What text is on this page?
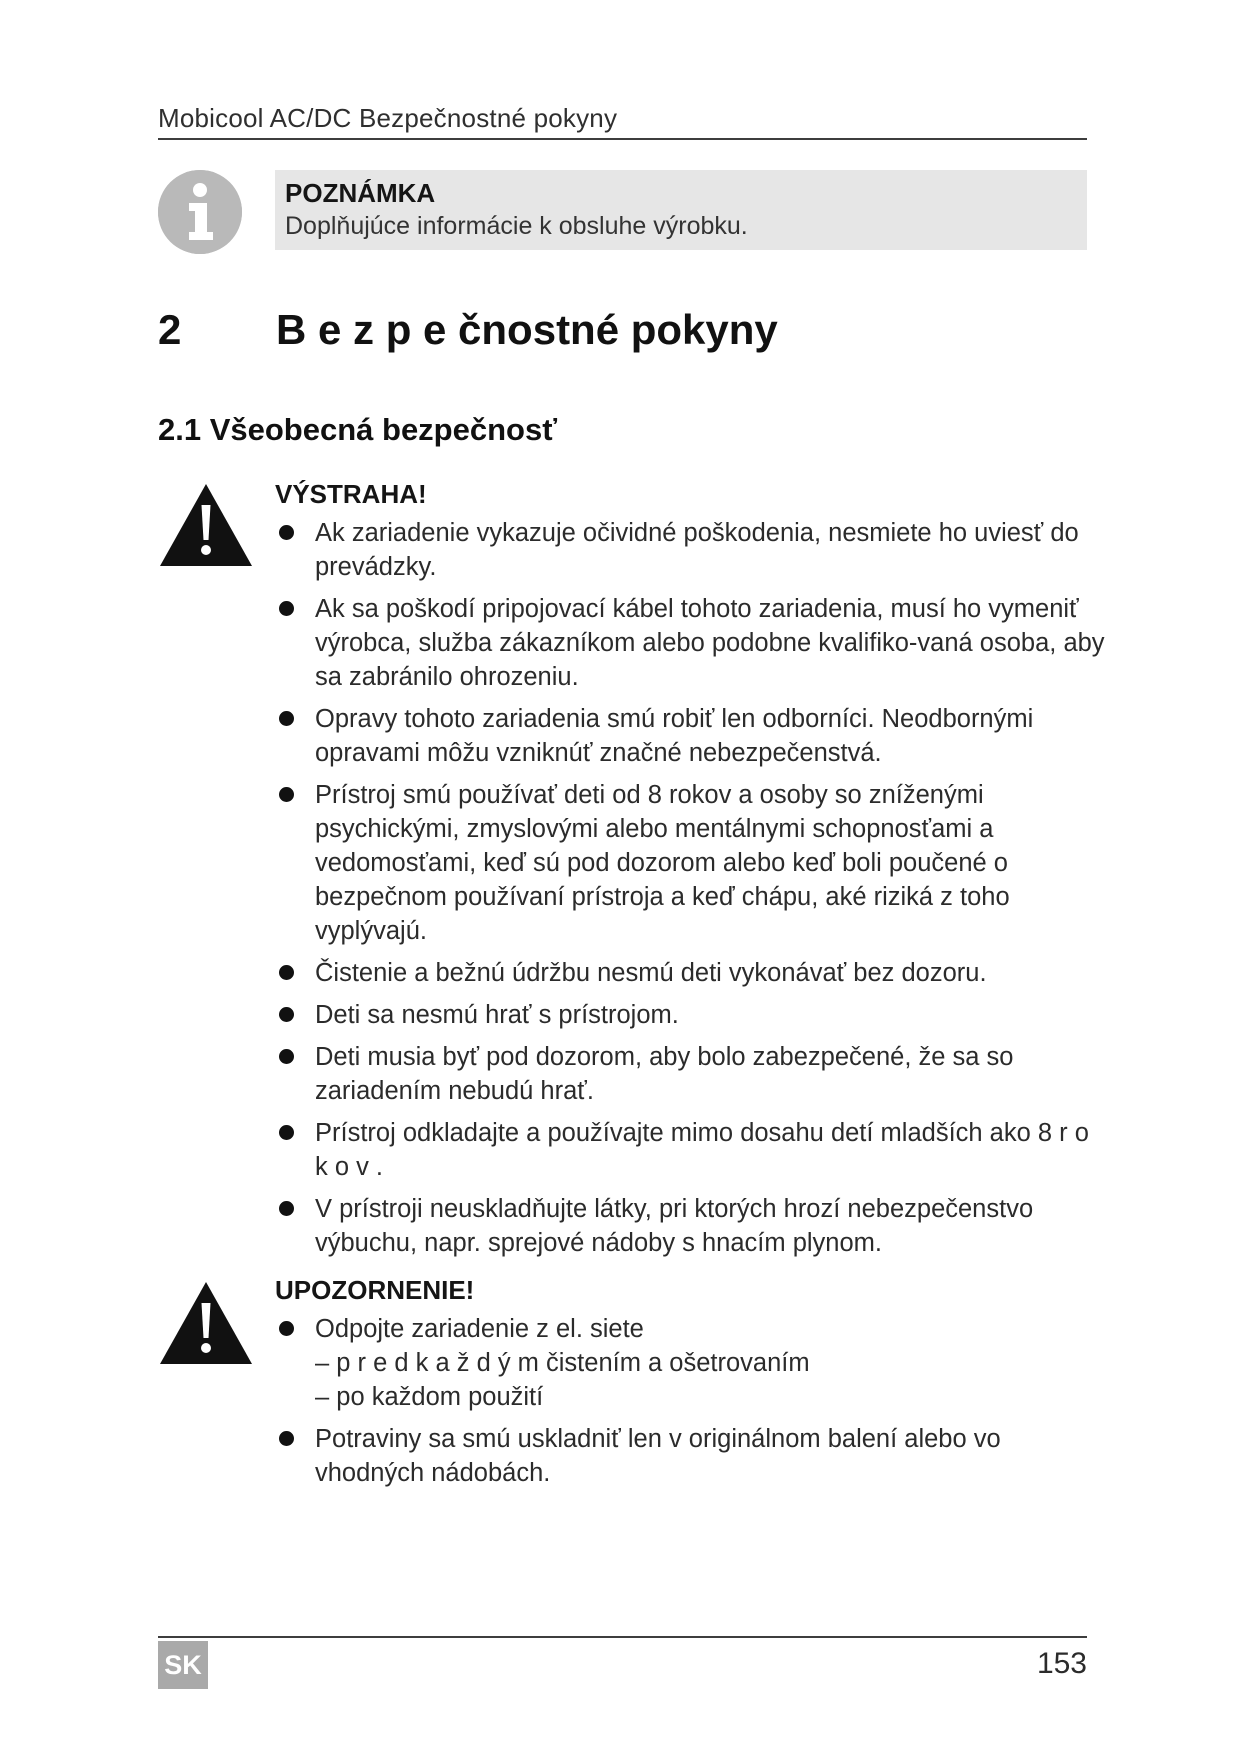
Mobicool AC/DC Bezpečnostné pokyny
POZNÁMKA
Doplňujúce informácie k obsluhe výrobku.
2 B e z p e čnostné pokyny
2.1 Všeobecná bezpečnosť
VÝSTRAHA!
Ak zariadenie vykazuje očividné poškodenia, nesmiete ho uviesť do prevádzky.
Ak sa poškodí pripojovací kábel tohoto zariadenia, musí ho vymeniť výrobca, služba zákazníkom alebo podobne kvalifiko-vaná osoba, aby sa zabránilo ohrozeniu.
Opravy tohoto zariadenia smú robiť len odborníci. Neodbornými opravami môžu vzniknúť značné nebezpečenstvá.
Prístroj smú používať deti od 8 rokov a osoby so zníženými psychickými, zmyslovými alebo mentálnymi schopnosťami a vedomosťami, keď sú pod dozorom alebo keď boli poučené o bezpečnom používaní prístroja a keď chápu, aké riziká z toho vyplývajú.
Čistenie a bežnú údržbu nesmú deti vykonávať bez dozoru.
Deti sa nesmú hrať s prístrojom.
Deti musia byť pod dozorom, aby bolo zabezpečené, že sa so zariadením nebudú hrať.
Prístroj odkladajte a používajte mimo dosahu detí mladších ako 8 r o k o v .
V prístroji neuskladňujte látky, pri ktorých hrozí nebezpečenstvo výbuchu, napr. sprejové nádoby s hnacím plynom.
UPOZORNENIE!
Odpojte zariadenie z el. siete
– p r e d k a ž d ý m čistením a ošetrovaním
– po každom použití
Potraviny sa smú uskladniť len v originálnom balení alebo vo vhodných nádobách.
SK	153
